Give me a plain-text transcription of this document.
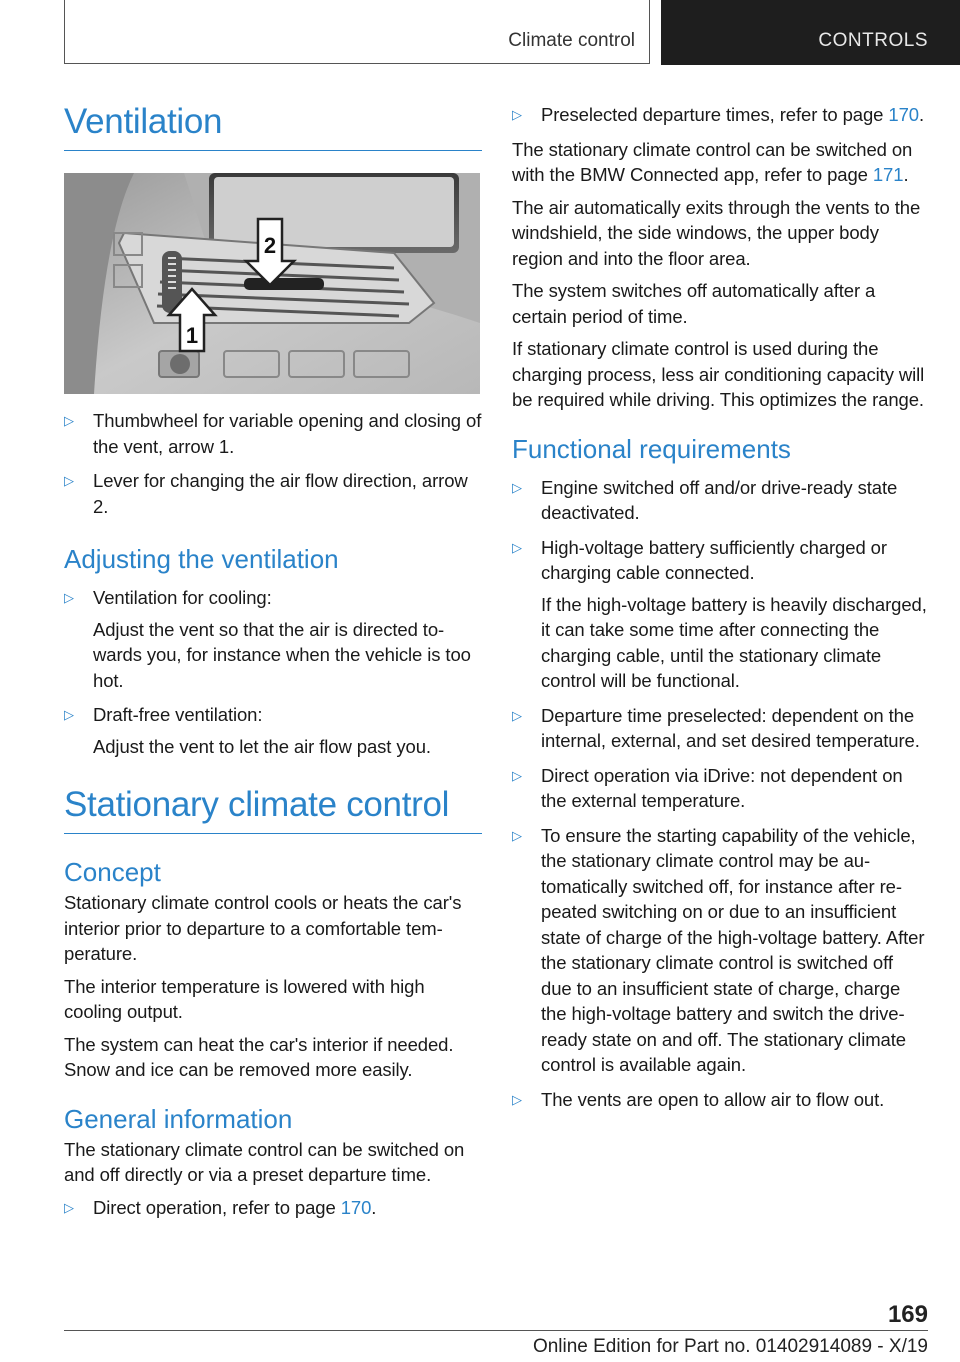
Climate control	CONTROLS
Ventilation
1
2
▷ Thumbwheel for variable opening and closing of the vent, arrow 1.
▷ Lever for changing the air flow direction, arrow 2.
Adjusting the ventilation
▷ Ventilation for cooling:
Adjust the vent so that the air is directed towards you, for instance when the vehicle is too hot.
▷ Draft-free ventilation:
Adjust the vent to let the air flow past you.
Stationary climate control
Concept

Stationary climate control cools or heats the car's interior prior to departure to a comfortable temperature.

The interior temperature is lowered with high cooling output.

The system can heat the car's interior if needed. Snow and ice can be removed more easily.

General information

The stationary climate control can be switched on and off directly or via a preset departure time.

▷ Direct operation, refer to page 170.
▷ Preselected departure times, refer to page 170.

The stationary climate control can be switched on with the BMW Connected app, refer to page 171.

The air automatically exits through the vents to the windshield, the side windows, the upper body region and into the floor area.

The system switches off automatically after a certain period of time.

If stationary climate control is used during the charging process, less air conditioning capacity will be required while driving. This optimizes the range.

Functional requirements
▷ Engine switched off and/or drive-ready state deactivated.
▷ High-voltage battery sufficiently charged or charging cable connected.
If the high-voltage battery is heavily discharged, it can take some time after connecting the charging cable, until the stationary climate control will be functional.
▷ Departure time preselected: dependent on the internal, external, and set desired temperature.
▷ Direct operation via iDrive: not dependent on the external temperature.
▷ To ensure the starting capability of the vehicle, the stationary climate control may be automatically switched off, for instance after repeated switching on or due to an insufficient state of charge of the high-voltage battery. After the stationary climate control is switched off due to an insufficient state of charge, charge the high-voltage battery and switch the drive-ready state on and off. The stationary climate control is available again.
▷ The vents are open to allow air to flow out.
169
Online Edition for Part no. 01402914089 - X/19
